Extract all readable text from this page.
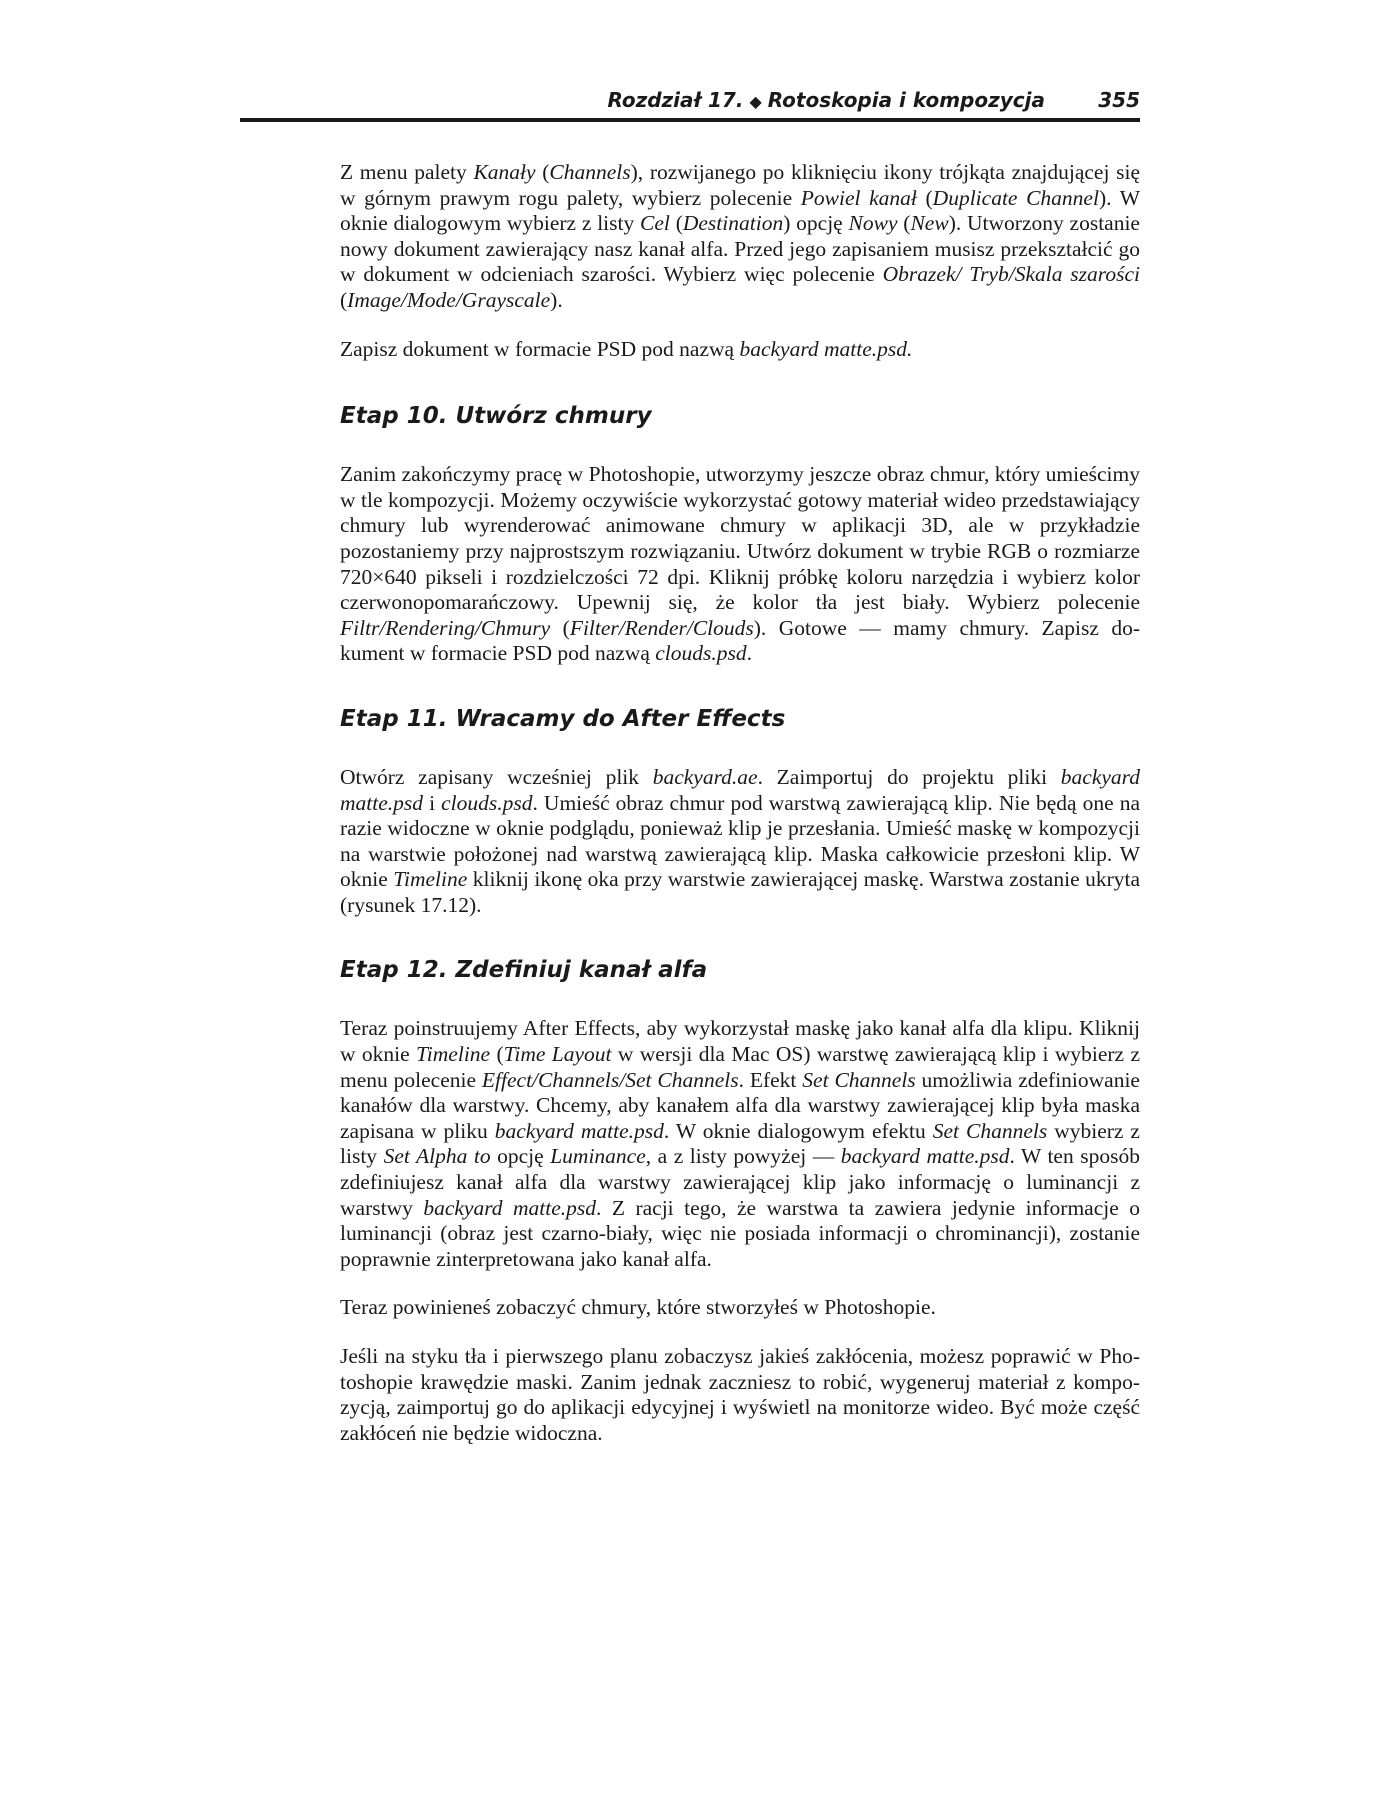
Rozdział 17. ◆ Rotoskopia i kompozycja	355

Z menu palety Kanały (Channels), rozwijanego po kliknięciu ikony trójkąta znajdującej się w górnym prawym rogu palety, wybierz polecenie Powiel kanał (Duplicate Channel). W oknie dialogowym wybierz z listy Cel (Destination) opcję Nowy (New). Utworzony zostanie nowy dokument zawierający nasz kanał alfa. Przed jego zapisaniem musisz przekształcić go w dokument w odcieniach szarości. Wybierz więc polecenie Obrazek/ Tryb/Skala szarości (Image/Mode/Grayscale).

Zapisz dokument w formacie PSD pod nazwą backyard matte.psd.

Etap 10. Utwórz chmury

Zanim zakończymy pracę w Photoshopie, utworzymy jeszcze obraz chmur, który umieścimy w tle kompozycji. Możemy oczywiście wykorzystać gotowy materiał wideo przedstawiający chmury lub wyrenderować animowane chmury w aplikacji 3D, ale w przykładzie pozostaniemy przy najprostszym rozwiązaniu. Utwórz dokument w trybie RGB o rozmiarze 720×640 pikseli i rozdzielczości 72 dpi. Kliknij próbkę koloru narzędzia i wybierz kolor czerwonopomarańczowy. Upewnij się, że kolor tła jest biały. Wybierz polecenie Filtr/Rendering/Chmury (Filter/Render/Clouds). Gotowe — mamy chmury. Zapisz dokument w formacie PSD pod nazwą clouds.psd.

Etap 11. Wracamy do After Effects

Otwórz zapisany wcześniej plik backyard.ae. Zaimportuj do projektu pliki backyard matte.psd i clouds.psd. Umieść obraz chmur pod warstwą zawierającą klip. Nie będą one na razie widoczne w oknie podglądu, ponieważ klip je przesłania. Umieść maskę w kompozycji na warstwie położonej nad warstwą zawierającą klip. Maska całkowicie przesłoni klip. W oknie Timeline kliknij ikonę oka przy warstwie zawierającej maskę. Warstwa zostanie ukryta (rysunek 17.12).

Etap 12. Zdefiniuj kanał alfa

Teraz poinstruujemy After Effects, aby wykorzystał maskę jako kanał alfa dla klipu. Kliknij w oknie Timeline (Time Layout w wersji dla Mac OS) warstwę zawierającą klip i wybierz z menu polecenie Effect/Channels/Set Channels. Efekt Set Channels umożliwia zdefiniowanie kanałów dla warstwy. Chcemy, aby kanałem alfa dla warstwy zawierającej klip była maska zapisana w pliku backyard matte.psd. W oknie dialogowym efektu Set Channels wybierz z listy Set Alpha to opcję Luminance, a z listy powyżej — backyard matte.psd. W ten sposób zdefiniujesz kanał alfa dla warstwy zawierającej klip jako informację o luminancji z warstwy backyard matte.psd. Z racji tego, że warstwa ta zawiera jedynie informacje o luminancji (obraz jest czarno-biały, więc nie posiada informacji o chrominancji), zostanie poprawnie zinterpretowana jako kanał alfa.

Teraz powinieneś zobaczyć chmury, które stworzyłeś w Photoshopie.

Jeśli na styku tła i pierwszego planu zobaczysz jakieś zakłócenia, możesz poprawić w Photoshopie krawędzie maski. Zanim jednak zaczniesz to robić, wygeneruj materiał z kompozycją, zaimportuj go do aplikacji edycyjnej i wyświetl na monitorze wideo. Być może część zakłóceń nie będzie widoczna.
